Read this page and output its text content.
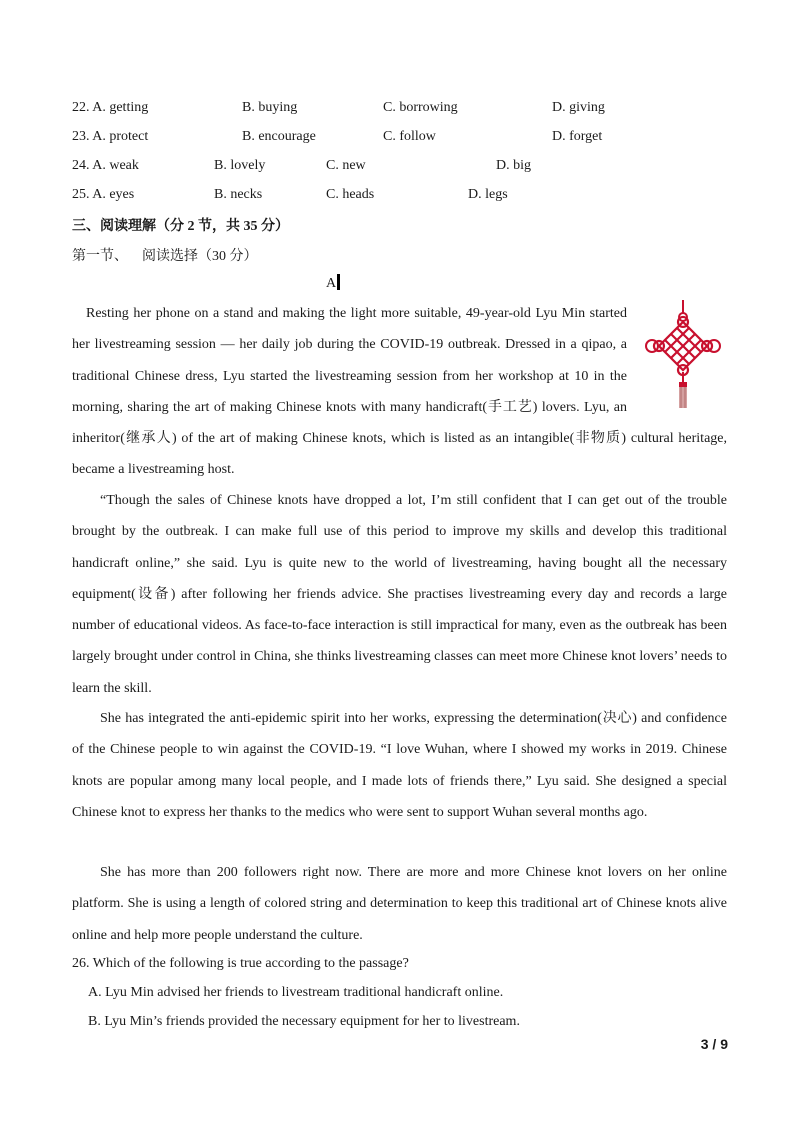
22. A. getting	B. buying	C. borrowing	D. giving
23. A. protect	B. encourage	C. follow	D. forget
24. A. weak	B. lovely	C. new	D. big
25. A. eyes	B. necks	C. heads	D. legs
三、阅读理解（分 2 节，共 35 分）
第一节、    阅读选择（30 分）
A

Resting her phone on a stand and making the light more suitable, 49-year-old Lyu Min started her livestreaming session — her daily job during the COVID-19 outbreak. Dressed in a qipao, a traditional Chinese dress, Lyu started the livestreaming session from her workshop at 10 in the morning, sharing the art of making Chinese knots with many handicraft(手工艺) lovers. Lyu, an inheritor(继承人) of the art of making Chinese knots, which is listed as an intangible(非物质) cultural heritage, became a livestreaming host.

“Though the sales of Chinese knots have dropped a lot, I’m still confident that I can get out of the trouble brought by the outbreak. I can make full use of this period to improve my skills and develop this traditional handicraft online,” she said. Lyu is quite new to the world of livestreaming, having bought all the necessary equipment(设备) after following her friends advice. She practises livestreaming every day and records a large number of educational videos. As face-to-face interaction is still impractical for many, even as the outbreak has been largely brought under control in China, she thinks livestreaming classes can meet more Chinese knot lovers’ needs to learn the skill.

She has integrated the anti-epidemic spirit into her works, expressing the determination(决心) and confidence of the Chinese people to win against the COVID-19. “I love Wuhan, where I showed my works in 2019. Chinese knots are popular among many local people, and I made lots of friends there,” Lyu said. She designed a special Chinese knot to express her thanks to the medics who were sent to support Wuhan several months ago.

She has more than 200 followers right now. There are more and more Chinese knot lovers on her online platform. She is using a length of colored string and determination to keep this traditional art of Chinese knots alive online and help more people understand the culture.

26. Which of the following is true according to the passage?
A. Lyu Min advised her friends to livestream traditional handicraft online.
B. Lyu Min’s friends provided the necessary equipment for her to livestream.
3 / 9
